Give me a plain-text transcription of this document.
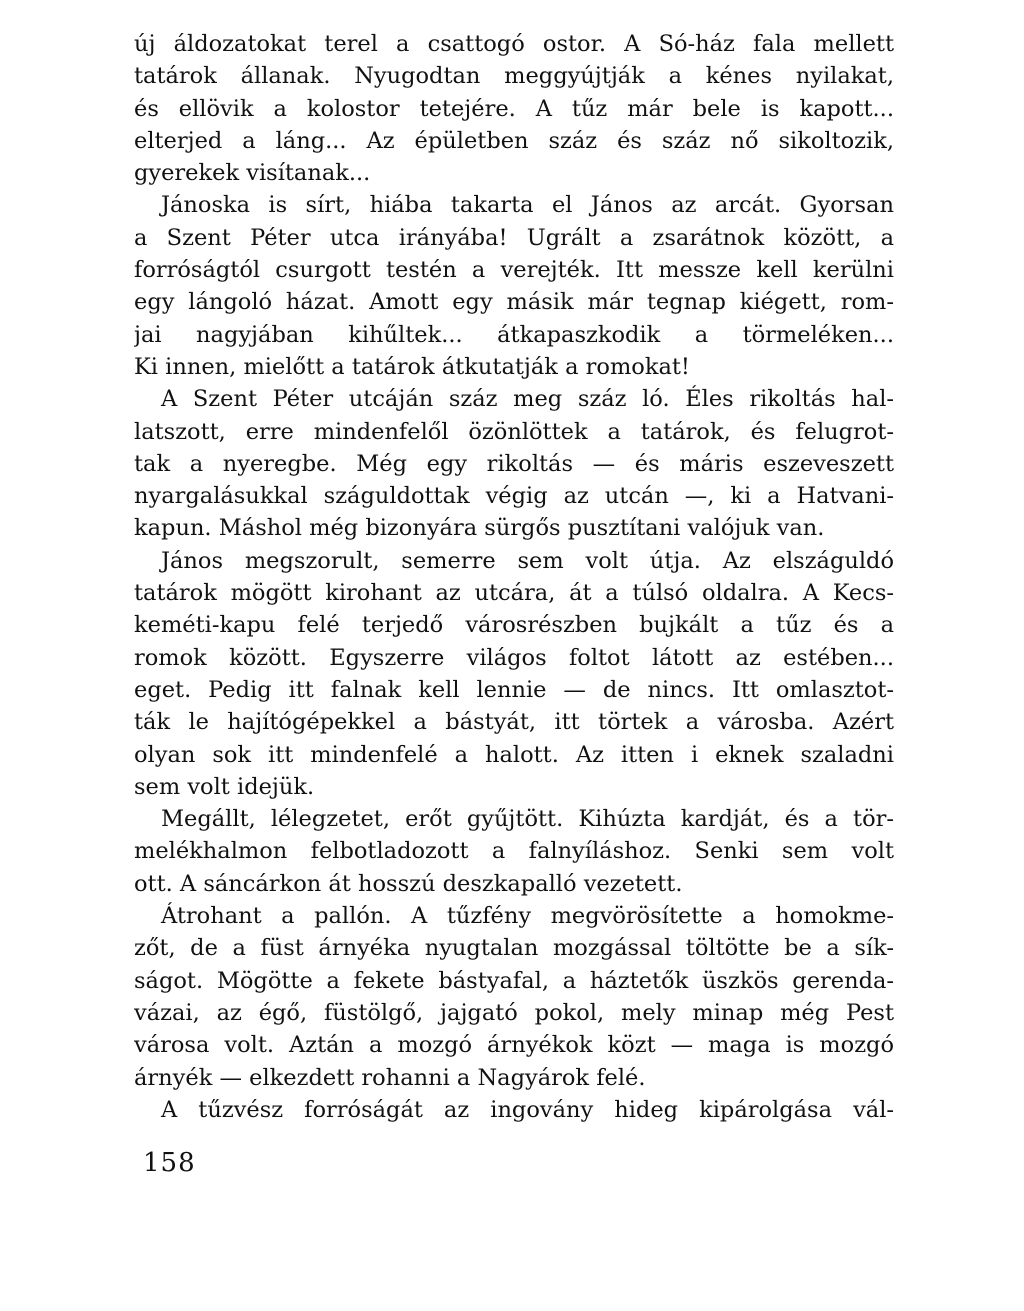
új áldozatokat terel a csattogó ostor. A Só-ház fala mellett
tatárok állanak. Nyugodtan meggyújtják a kénes nyilakat,
és ellövik a kolostor tetejére. A tűz már bele is kapott...
elterjed a láng... Az épületben száz és száz nő sikoltozik,
gyerekek visítanak...
Jánoska is sírt, hiába takarta el János az arcát. Gyorsan
a Szent Péter utca irányába! Ugrált a zsarátnok között, a
forróságtól csurgott testén a verejték. Itt messze kell kerülni
egy lángoló házat. Amott egy másik már tegnap kiégett, rom-
jai nagyjában kihűltek... átkapaszkodik a törmeléken...
Ki innen, mielőtt a tatárok átkutatják a romokat!
A Szent Péter utcáján száz meg száz ló. Éles rikoltás hal-
latszott, erre mindenfelől özönlöttek a tatárok, és felugrot-
tak a nyeregbe. Még egy rikoltás — és máris eszeveszett
nyargalásukkal száguldottak végig az utcán —, ki a Hatvani-
kapun. Máshol még bizonyára sürgős pusztítani valójuk van.
János megszorult, semerre sem volt útja. Az elszáguldó
tatárok mögött kirohant az utcára, át a túlsó oldalra. A Kecs-
keméti-kapu felé terjedő városrészben bujkált a tűz és a
romok között. Egyszerre világos foltot látott az estében...
eget. Pedig itt falnak kell lennie — de nincs. Itt omlasztot-
ták le hajítógépekkel a bástyát, itt törtek a városba. Azért
olyan sok itt mindenfelé a halott. Az itten i eknek szaladni
sem volt idejük.
Megállt, lélegzetet, erőt gyűjtött. Kihúzta kardját, és a tör-
melékhalmon felbotladozott a falnyíláshoz. Senki sem volt
ott. A sáncárkon át hosszú deszkapalló vezetett.
Átrohant a pallón. A tűzfény megvörösítette a homokme-
zőt, de a füst árnyéka nyugtalan mozgással töltötte be a sík-
ságot. Mögötte a fekete bástyafal, a háztetők üszkös gerenda-
vázai, az égő, füstölgő, jajgató pokol, mely minap még Pest
városa volt. Aztán a mozgó árnyékok közt — maga is mozgó
árnyék — elkezdett rohanni a Nagyárok felé.
A tűzvész forróságát az ingovány hideg kipárolgása vál-
158
